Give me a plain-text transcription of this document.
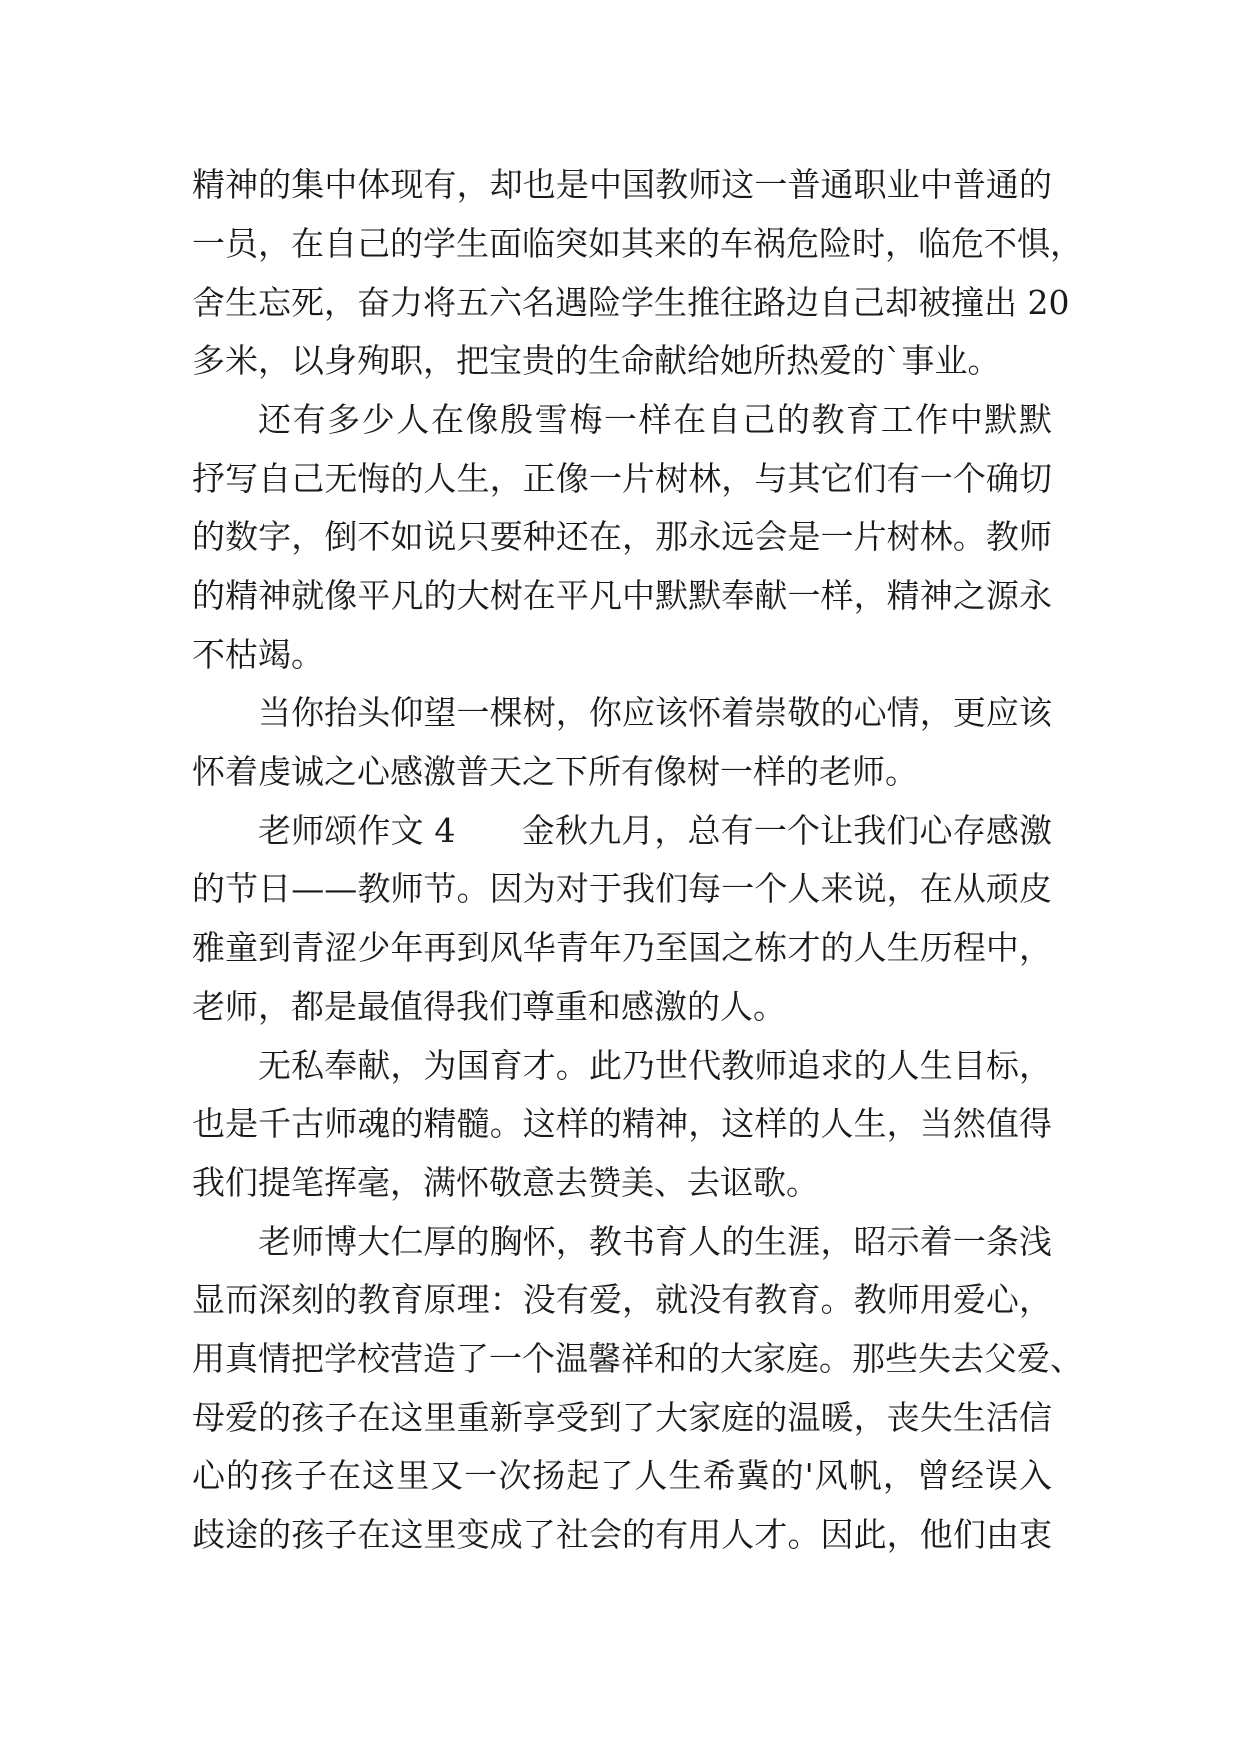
精神的集中体现有，却也是中国教师这一普通职业中普通的

一员，在自己的学生面临突如其来的车祸危险时，临危不惧，

舍生忘死，奋力将五六名遇险学生推往路边自己却被撞出 20

多米，以身殉职，把宝贵的生命献给她所热爱的`事业。

还有多少人在像殷雪梅一样在自己的教育工作中默默

抒写自己无悔的人生，正像一片树林，与其它们有一个确切

的数字，倒不如说只要种还在，那永远会是一片树林。教师

的精神就像平凡的大树在平凡中默默奉献一样，精神之源永

不枯竭。

当你抬头仰望一棵树，你应该怀着崇敬的心情，更应该

怀着虔诚之心感激普天之下所有像树一样的老师。

老师颂作文 4　　金秋九月，总有一个让我们心存感激

的节日——教师节。因为对于我们每一个人来说，在从顽皮

雅童到青涩少年再到风华青年乃至国之栋才的人生历程中，

老师，都是最值得我们尊重和感激的人。

无私奉献，为国育才。此乃世代教师追求的人生目标，

也是千古师魂的精髓。这样的精神，这样的人生，当然值得

我们提笔挥毫，满怀敬意去赞美、去讴歌。

老师博大仁厚的胸怀，教书育人的生涯，昭示着一条浅

显而深刻的教育原理：没有爱，就没有教育。教师用爱心，

用真情把学校营造了一个温馨祥和的大家庭。那些失去父爱、

母爱的孩子在这里重新享受到了大家庭的温暖，丧失生活信

心的孩子在这里又一次扬起了人生希冀的'风帆，曾经误入

歧途的孩子在这里变成了社会的有用人才。因此，他们由衷
